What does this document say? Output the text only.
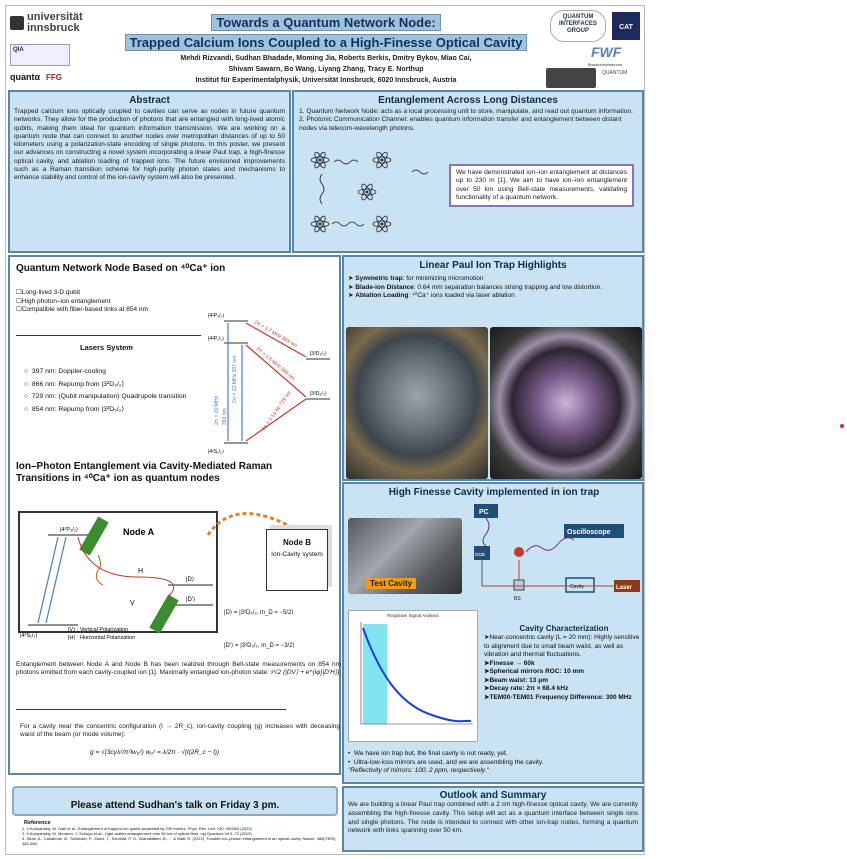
universität
innsbruck
QIA
quantα FFG
Towards a Quantum Network Node:
Trapped Calcium Ions Coupled to a High-Finesse Optical Cavity
Mehdi Rizvandi, Sudhan Bhadade, Moming Jia, Roberts Berkis, Dmitry Bykov, Miao Cai,
Shivam Sawarn, Bo Wang, Liyang Zhang, Tracy E. Northup
Institut für Experimentalphysik, Universität Innsbruck, 6020 Innsbruck, Austria
QUANTUM
INTERFACES
GROUP	CAT
FWF
Bundesministerium
QUANTUM
Abstract
Trapped calcium ions optically coupled to cavities can serve as nodes in future quantum networks. They allow for the production of photons that are entangled with long-lived atomic qubits, making them ideal for quantum information transmission. We are working on a quantum node that can connect to another nodes over metropolitan distances of up to 50 kilometers using a polarization-state encoding of single photons. In this poster, we present our advances on constructing a novel system incorporating a linear Paul trap, a high-finesse optical cavity, and ablation loading of trapped ions. The future envisioned improvements such as a Raman transition scheme for high-purity photon states and mechanisms to enhance stability and control of the ion-cavity system will also be presented.
Entanglement Across Long Distances
1. Quantum Network Node: acts as a local processing unit to store, manipulate, and read out quantum information.
2. Photonic Communication Channel: enables quantum information transfer and entanglement between distant nodes via telecom-wavelength photons.
We have demonstrated ion–ion entanglement at distances up to 230 m [1]. We aim to have ion–ion entanglement over 50 km using Bell-state measurements, validating functionality of a quantum network.
Quantum Network Node Based on ⁴⁰Ca⁺ ion
☐Long-lived 3-D qubit
☐High photon–ion entanglement
☐Compatible with fiber-based links at 854 nm
Lasers System
○  397 nm: Doppler-cooling
○  866 nm: Repump from |3²D₃/₂⟩
○  729 nm: (Qubit manipulation) Quadrupole transition
○  854 nm: Repump from |3²D₅/₂⟩
|4²P₃/₂⟩
|4²P₁/₂⟩
|4²S₁/₂⟩
|3²D₃/₂⟩
|3²D₅/₂⟩
2π × 1.7 MHz 854 nm
2π × 1.5 MHz 866 nm
2π × 0.14 Hz 729 nm
2π × 22 MHz 397 nm
393 nm
2π × 20 MHz
Ion–Photon Entanglement via Cavity-Mediated Raman Transitions in ⁴⁰Ca⁺ ion as quantum nodes
Node A
|4²P₃/₂⟩
|4²S₁/₂⟩
H
V
|D⟩
|D′⟩
|V⟩ : Vertical Polarization
|H⟩ : Horizontal Polarization
Node B
Ion-Cavity system
|D⟩ = |3²D₅/₂, m_D = −5/2⟩
|D′⟩ = |3²D₃/₂, m_D = −3/2⟩
Entanglement between Node A and Node B has been realized through Bell-state measurements on 854 nm photons emitted from each cavity-coupled ion [1]. Maximally entangled ion-photon state: ¹⁄√2 (|DV⟩ + e^{iφ}|D′H⟩)
For a cavity near the concentric configuration (l → 2R_c), ion-cavity coupling (g) increases with deceasing waist of the beam (or mode volume):
g = √(3cγλ²/π²lw₀²) w₀² = λ/2π · √(l(2R_c − l))
Linear Paul Ion Trap Highlights
➤ Symmetric trap: for minimizing micromotion
➤ Blade-ion Distance: 0.64 mm separation balances strong trapping and low distortion.
➤ Ablation Loading: ⁴⁰Ca⁺ ions loaded via laser ablation
High Finesse Cavity implemented in ion trap
Test Cavity
PC
Oscilloscope
CCD
Laser
BS
Cavity
Ringdown Signal Analysis
Cavity Characterization
➤Near-concentric cavity (L = 20 mm): Highly sensitive to alignment due to small beam waist, as well as vibration and thermal fluctuations.
➤Finesse → 60k
➤Spherical mirrors ROC: 10 mm
➤Beam waist: 13 μm
➤Decay rate: 2π × 68.4 kHz
➤TEM00-TEM01 Frequency Difference: 300 MHz
•  We have ion trap but, the final cavity is not ready, yet.
•  Ultra-low-loss mirrors are used, and we are assembling the cavity.
"Reflectivity of mirrors: 100, 2 ppm, respectively."
Please attend Sudhan's talk on Friday 3 pm.
Reference
1. V.Krutyanskiy, M. Galli et al., Entanglement of trapped-ion qubits separated by 230 meters, Phys. Rev. Lett. 130, 050803 (2023)
2. V.Krutyanskiy, M. Meraner, J. Schupp et al., Light-matter entanglement over 50 km of optical fibre, npj Quantum Inf 5, 72 (2019)
3. Stute, A., Casabone, B., Schindler, P., Monz, T., Schmidt, P. O., Brandstätter, B., ... & Blatt, R. (2012). Tunable ion–photon entanglement in an optical cavity. Nature, 485(7399), 482-485.
Outlook and Summary
We are building a linear Paul trap combined with a 2 cm high-finesse optical cavity. We are currently assembling the high-finesse cavity. This setup will act as a quantum interface between single ions and single photons. The node is intended to connect with other ion-trap nodes, forming a quantum network with links spanning over 50 km.
